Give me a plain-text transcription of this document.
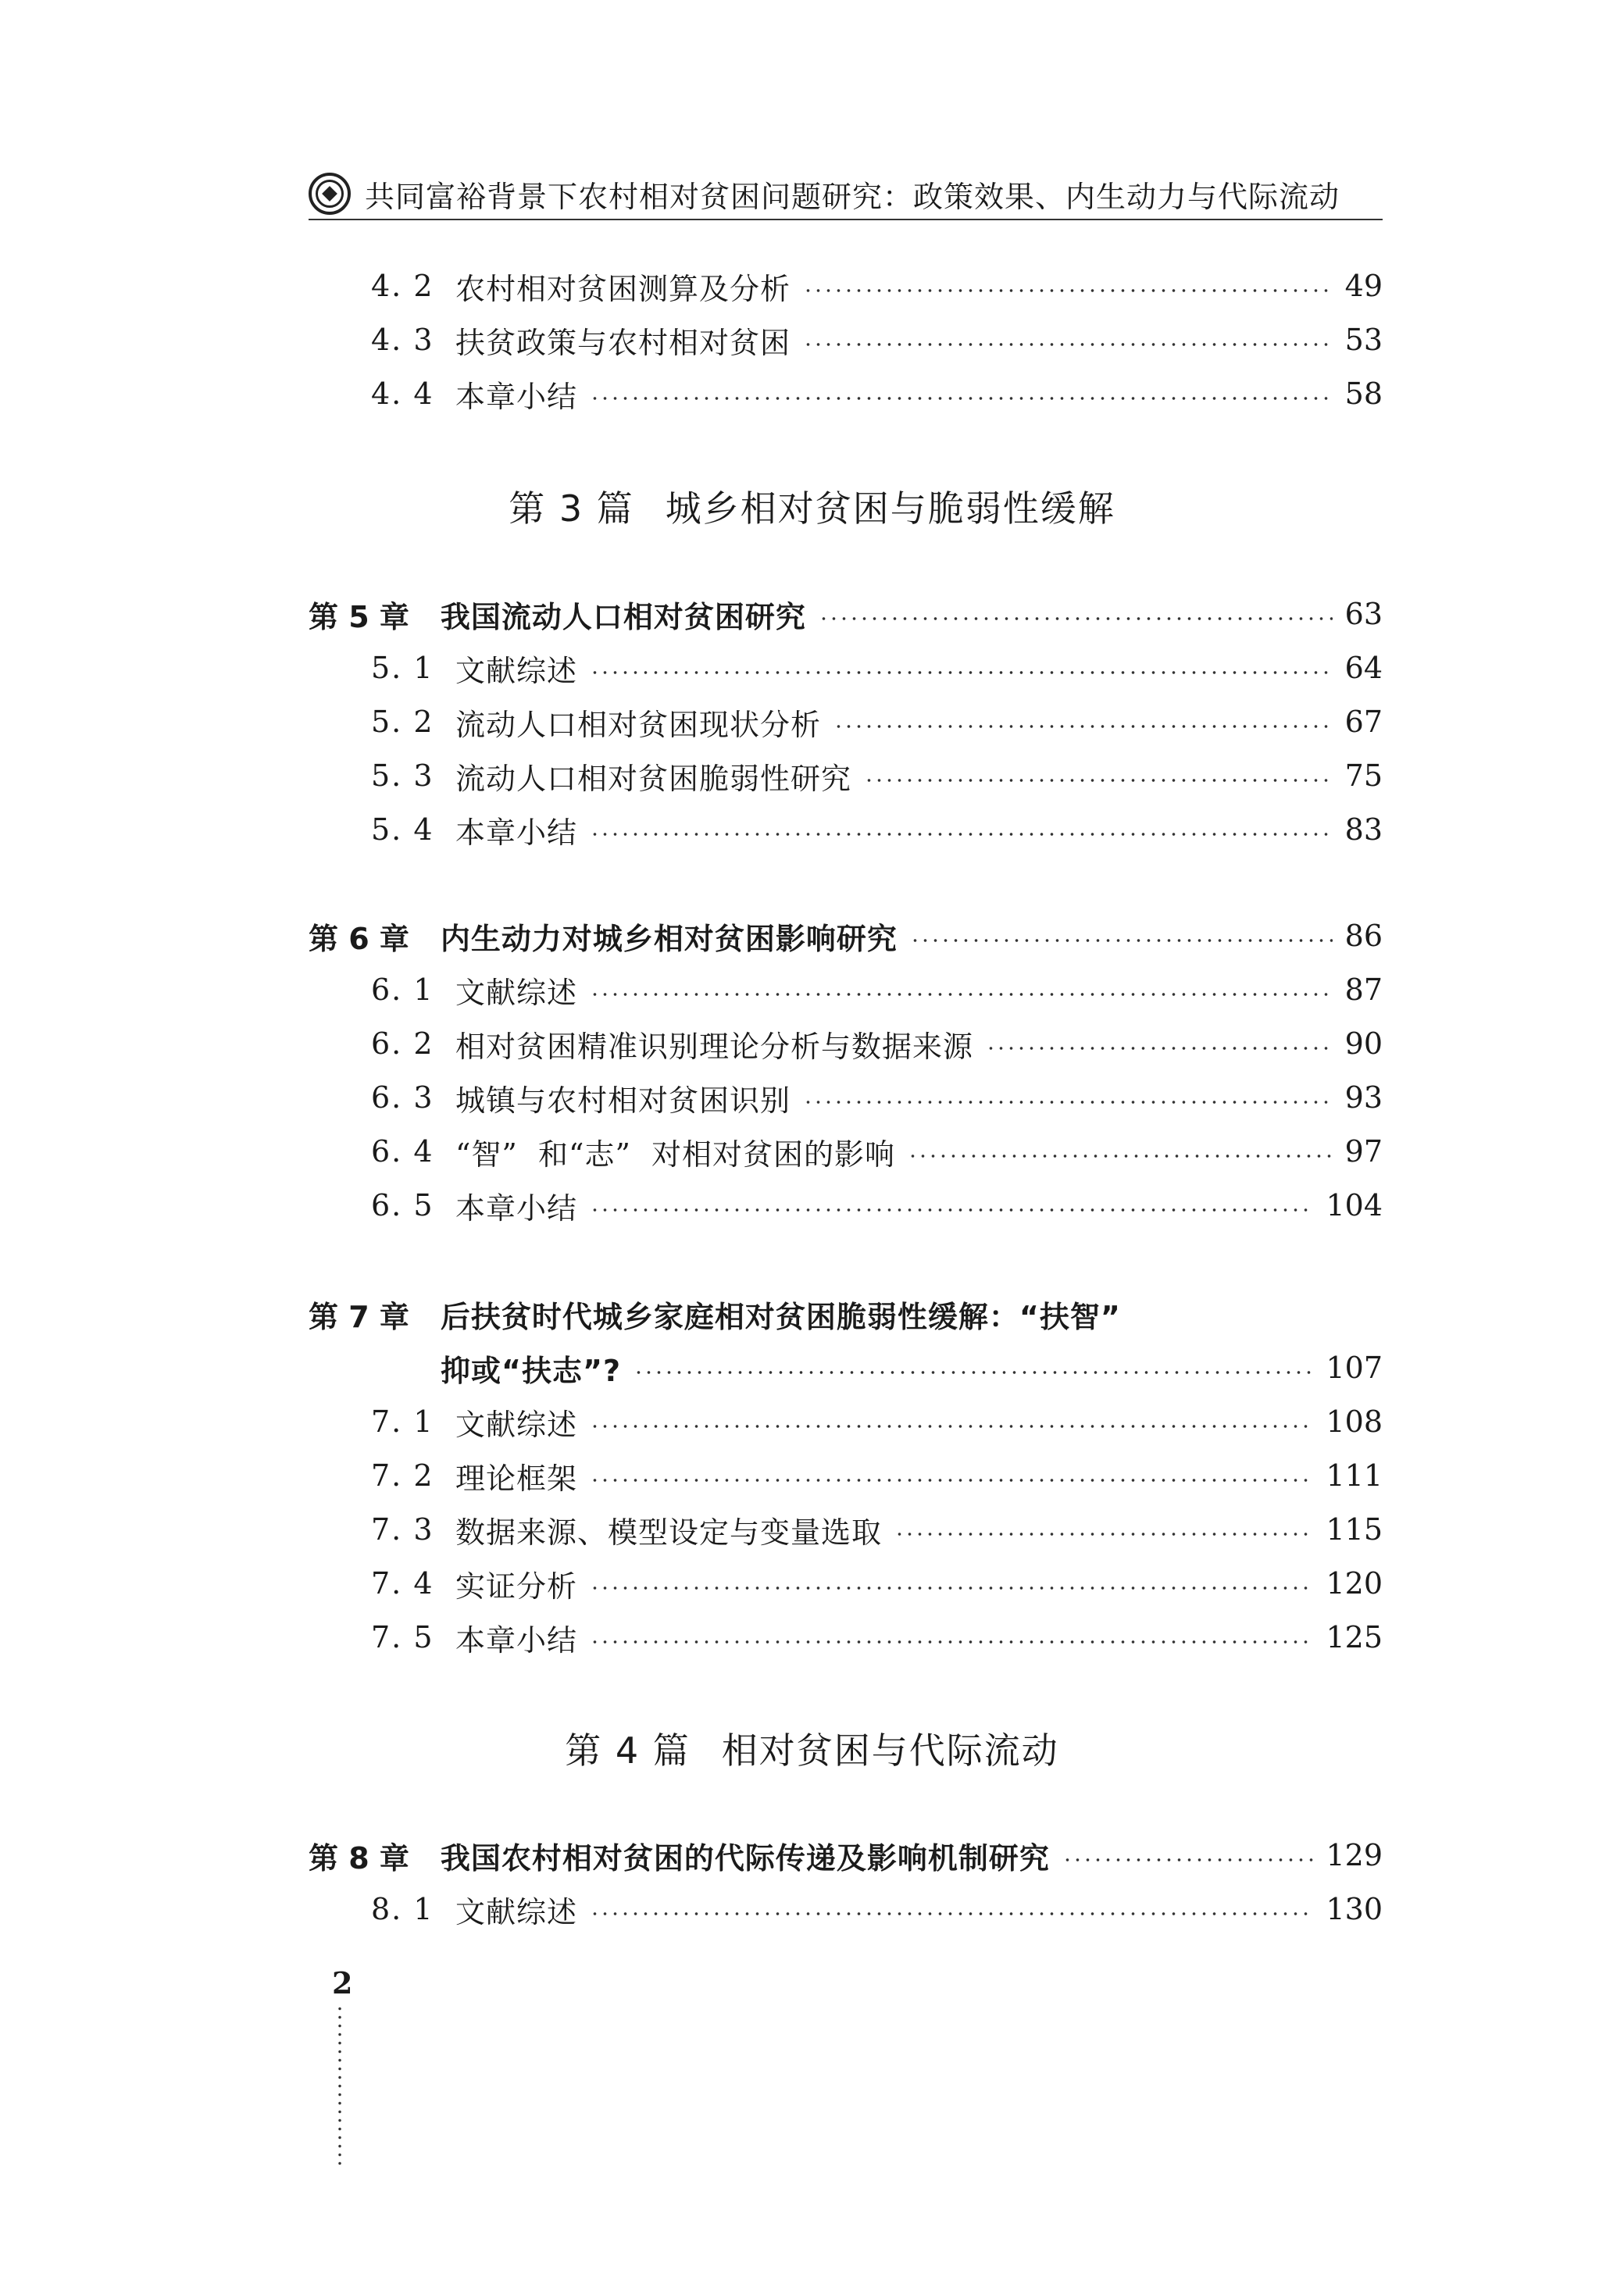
共同富裕背景下农村相对贫困问题研究：政策效果、内生动力与代际流动
4. 2 农村相对贫困测算及分析	49
4. 3 扶贫政策与农村相对贫困	53
4. 4 本章小结	58
第 3 篇 城乡相对贫困与脆弱性缓解
第 5 章	我国流动人口相对贫困研究	63
5. 1 文献综述	64
5. 2 流动人口相对贫困现状分析	67
5. 3 流动人口相对贫困脆弱性研究	75
5. 4 本章小结	83
第 6 章	内生动力对城乡相对贫困影响研究	86
6. 1 文献综述	87
6. 2 相对贫困精准识别理论分析与数据来源	90
6. 3 城镇与农村相对贫困识别	93
6. 4 “智”  和“志”  对相对贫困的影响	97
6. 5 本章小结	104
第 7 章	后扶贫时代城乡家庭相对贫困脆弱性缓解：“扶智”
抑或“扶志”?	107
7. 1 文献综述	108
7. 2 理论框架	111
7. 3 数据来源、模型设定与变量选取	115
7. 4 实证分析	120
7. 5 本章小结	125
第 4 篇 相对贫困与代际流动
第 8 章	我国农村相对贫困的代际传递及影响机制研究	129
8. 1 文献综述	130
2
